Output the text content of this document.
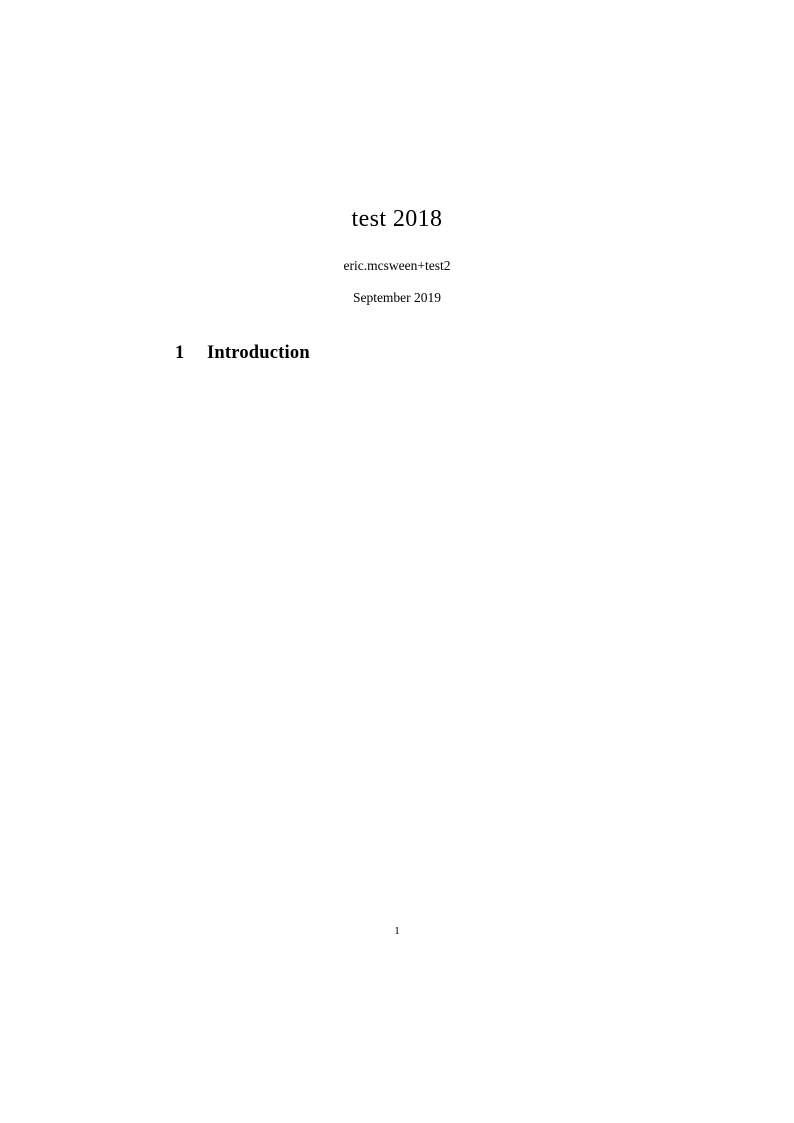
test 2018

eric.mcsween+test2

September 2019

1 Introduction
1
